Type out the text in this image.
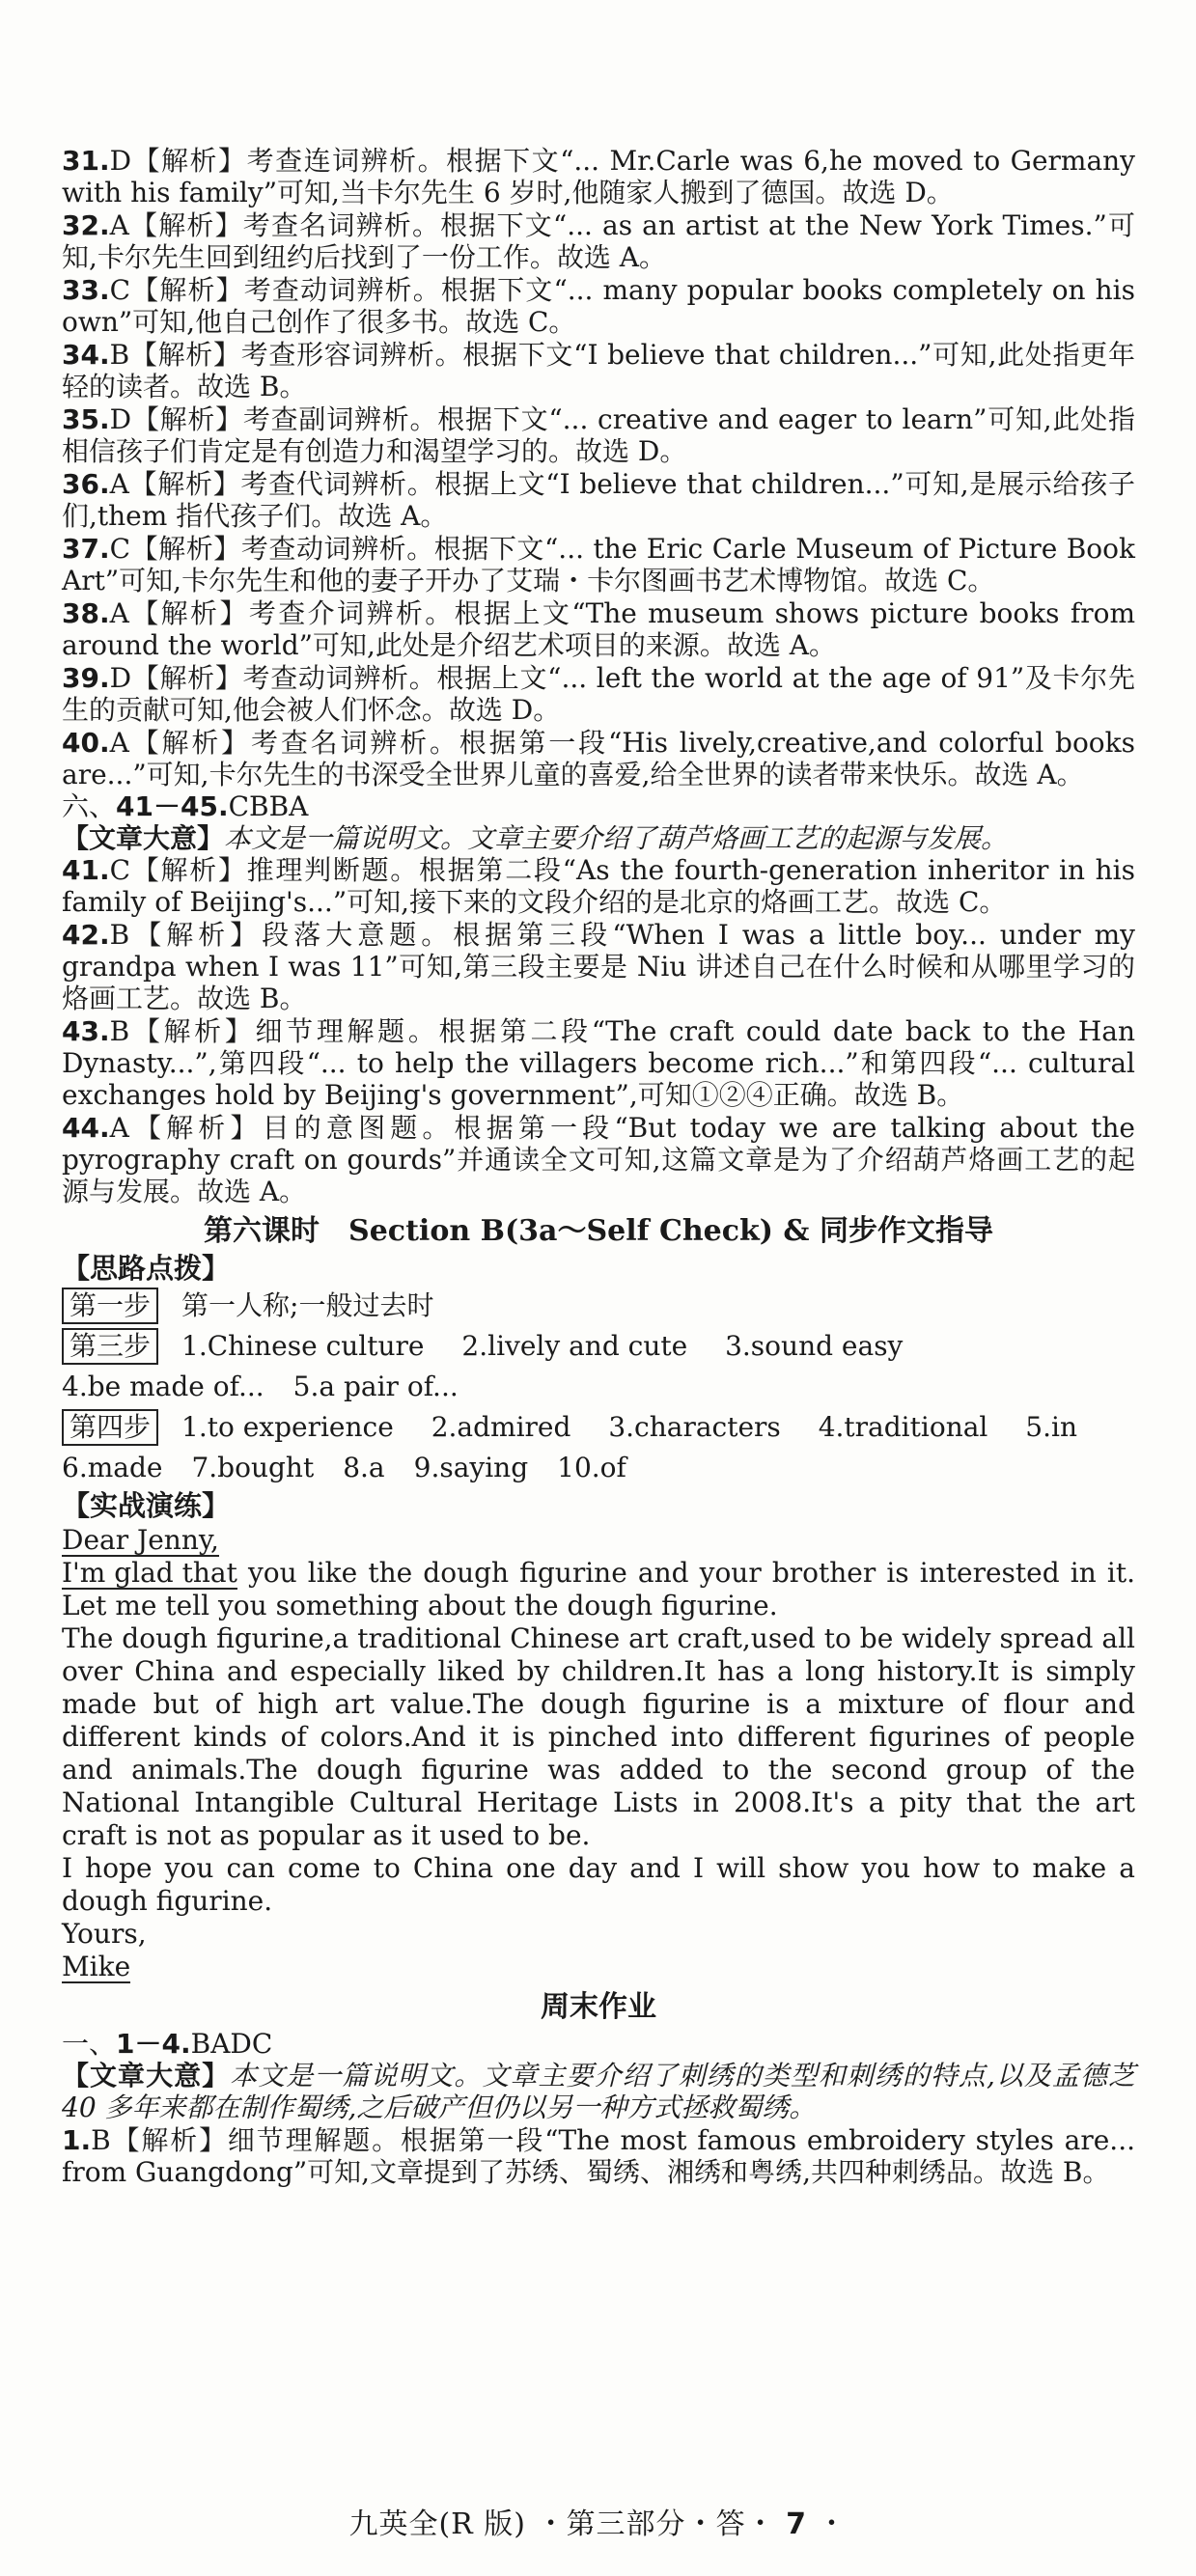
31.D【解析】考查连词辨析。根据下文“... Mr.Carle was 6,he moved to Germany with his family”可知,当卡尔先生 6 岁时,他随家人搬到了德国。故选 D。

32.A【解析】考查名词辨析。根据下文“... as an artist at the New York Times.”可知,卡尔先生回到纽约后找到了一份工作。故选 A。

33.C【解析】考查动词辨析。根据下文“... many popular books completely on his own”可知,他自己创作了很多书。故选 C。

34.B【解析】考查形容词辨析。根据下文“I believe that children...”可知,此处指更年轻的读者。故选 B。

35.D【解析】考查副词辨析。根据下文“... creative and eager to learn”可知,此处指相信孩子们肯定是有创造力和渴望学习的。故选 D。

36.A【解析】考查代词辨析。根据上文“I believe that children...”可知,是展示给孩子们,them 指代孩子们。故选 A。

37.C【解析】考查动词辨析。根据下文“... the Eric Carle Museum of Picture Book Art”可知,卡尔先生和他的妻子开办了艾瑞・卡尔图画书艺术博物馆。故选 C。

38.A【解析】考查介词辨析。根据上文“The museum shows picture books from around the world”可知,此处是介绍艺术项目的来源。故选 A。

39.D【解析】考查动词辨析。根据上文“... left the world at the age of 91”及卡尔先生的贡献可知,他会被人们怀念。故选 D。

40.A【解析】考查名词辨析。根据第一段“His lively,creative,and colorful books are...”可知,卡尔先生的书深受全世界儿童的喜爱,给全世界的读者带来快乐。故选 A。

六、41－45.CBBA

【文章大意】本文是一篇说明文。文章主要介绍了葫芦烙画工艺的起源与发展。

41.C【解析】推理判断题。根据第二段“As the fourth-generation inheritor in his family of Beijing's...”可知,接下来的文段介绍的是北京的烙画工艺。故选 C。

42.B【解析】段落大意题。根据第三段“When I was a little boy... under my grandpa when I was 11”可知,第三段主要是 Niu 讲述自己在什么时候和从哪里学习的烙画工艺。故选 B。

43.B【解析】细节理解题。根据第二段“The craft could date back to the Han Dynasty...”,第四段“... to help the villagers become rich...”和第四段“... cultural exchanges hold by Beijing's government”,可知①②④正确。故选 B。

44.A【解析】目的意图题。根据第一段“But today we are talking about the pyrography craft on gourds”并通读全文可知,这篇文章是为了介绍葫芦烙画工艺的起源与发展。故选 A。

第六课时　Section B(3a～Self Check) & 同步作文指导
【思路点拨】
第一步 第一人称;一般过去时
第三步 1.Chinese culture 2.lively and cute 3.sound easy
4.be made of... 5.a pair of...
第四步 1.to experience 2.admired 3.characters 4.traditional 5.in
6.made 7.bought 8.a 9.saying 10.of
【实战演练】

Dear Jenny,

I'm glad that you like the dough figurine and your brother is interested in it. Let me tell you something about the dough figurine.

The dough figurine,a traditional Chinese art craft,used to be widely spread all over China and especially liked by children.It has a long history.It is simply made but of high art value.The dough figurine is a mixture of flour and different kinds of colors.And it is pinched into different figurines of people and animals.The dough figurine was added to the second group of the National Intangible Cultural Heritage Lists in 2008.It's a pity that the art craft is not as popular as it used to be.

I hope you can come to China one day and I will show you how to make a dough figurine.

Yours,

Mike

周末作业

一、1－4.BADC

【文章大意】本文是一篇说明文。文章主要介绍了刺绣的类型和刺绣的特点,以及孟德芝 40 多年来都在制作蜀绣,之后破产但仍以另一种方式拯救蜀绣。

1.B【解析】细节理解题。根据第一段“The most famous embroidery styles are... from Guangdong”可知,文章提到了苏绣、蜀绣、湘绣和粤绣,共四种刺绣品。故选 B。

九英全(R 版) ・第三部分・答・ 7 ・
